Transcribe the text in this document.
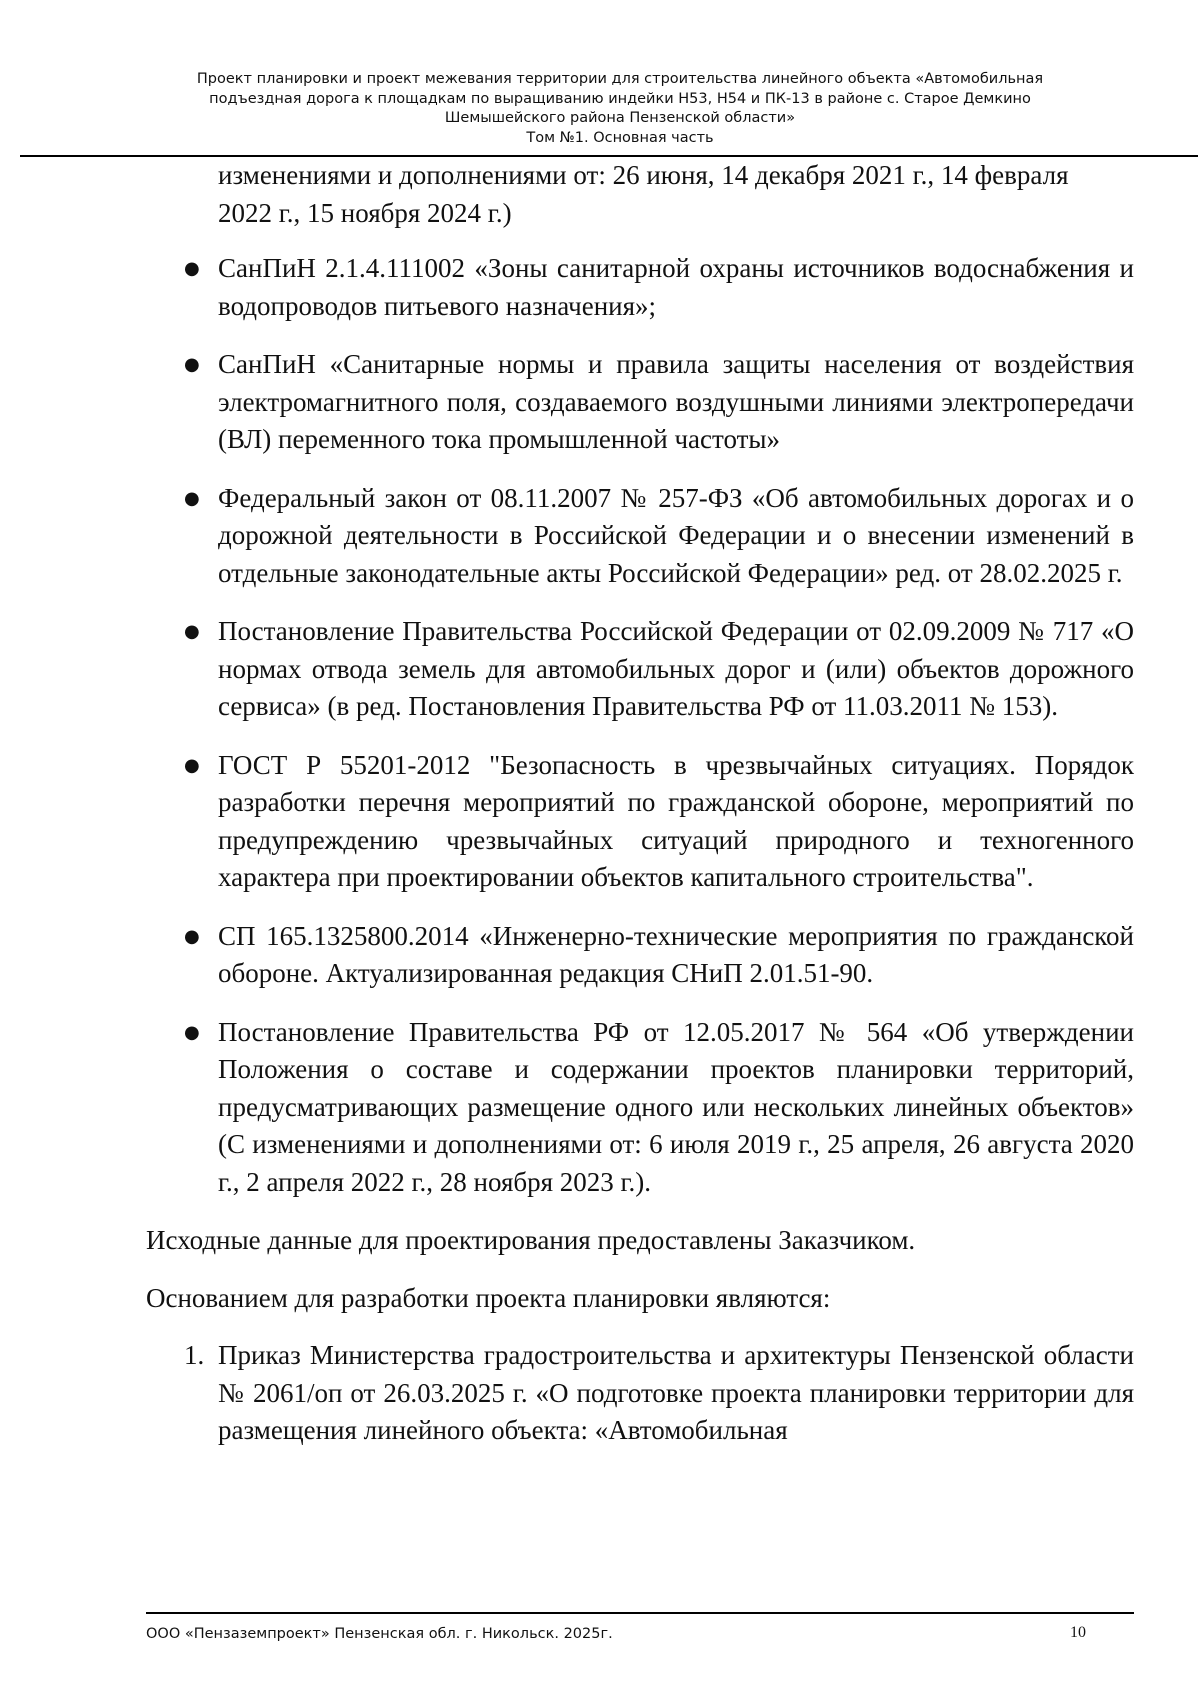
Проект планировки и проект межевания территории для строительства линейного объекта «Автомобильная
подъездная дорога к площадкам по выращиванию индейки Н53, Н54 и ПК-13 в районе с. Старое Демкино
Шемышейского района Пензенской области»
Том №1. Основная часть

изменениями и дополнениями от: 26 июня, 14 декабря 2021 г., 14 февраля

2022 г., 15 ноября 2024 г.)

● СанПиН 2.1.4.111002 «Зоны санитарной охраны источников водоснабжения и водопроводов питьевого назначения»;
● СанПиН «Санитарные нормы и правила защиты населения от воздействия электромагнитного поля, создаваемого воздушными линиями электропередачи (ВЛ) переменного тока промышленной частоты»
● Федеральный закон от 08.11.2007 № 257-ФЗ «Об автомобильных дорогах и о дорожной деятельности в Российской Федерации и о внесении изменений в отдельные законодательные акты Российской Федерации» ред. от 28.02.2025 г.
● Постановление Правительства Российской Федерации от 02.09.2009 № 717 «О нормах отвода земель для автомобильных дорог и (или) объектов дорожного сервиса» (в ред. Постановления Правительства РФ от 11.03.2011 № 153).
● ГОСТ Р 55201-2012 "Безопасность в чрезвычайных ситуациях. Порядок разработки перечня мероприятий по гражданской обороне, мероприятий по предупреждению чрезвычайных ситуаций природного и техногенного характера при проектировании объектов капитального строительства".
● СП 165.1325800.2014 «Инженерно-технические мероприятия по гражданской обороне. Актуализированная редакция СНиП 2.01.51-90.
● Постановление Правительства РФ от 12.05.2017 № 564 «Об утверждении Положения о составе и содержании проектов планировки территорий, предусматривающих размещение одного или нескольких линейных объектов» (С изменениями и дополнениями от: 6 июля 2019 г., 25 апреля, 26 августа 2020 г., 2 апреля 2022 г., 28 ноября 2023 г.).

Исходные данные для проектирования предоставлены Заказчиком.

Основанием для разработки проекта планировки являются:

1. Приказ Министерства градостроительства и архитектуры Пензенской области № 2061/оп от 26.03.2025 г. «О подготовке проекта планировки территории для размещения линейного объекта: «Автомобильная
ООО «Пензаземпроект» Пензенская обл. г. Никольск. 2025г.	10
